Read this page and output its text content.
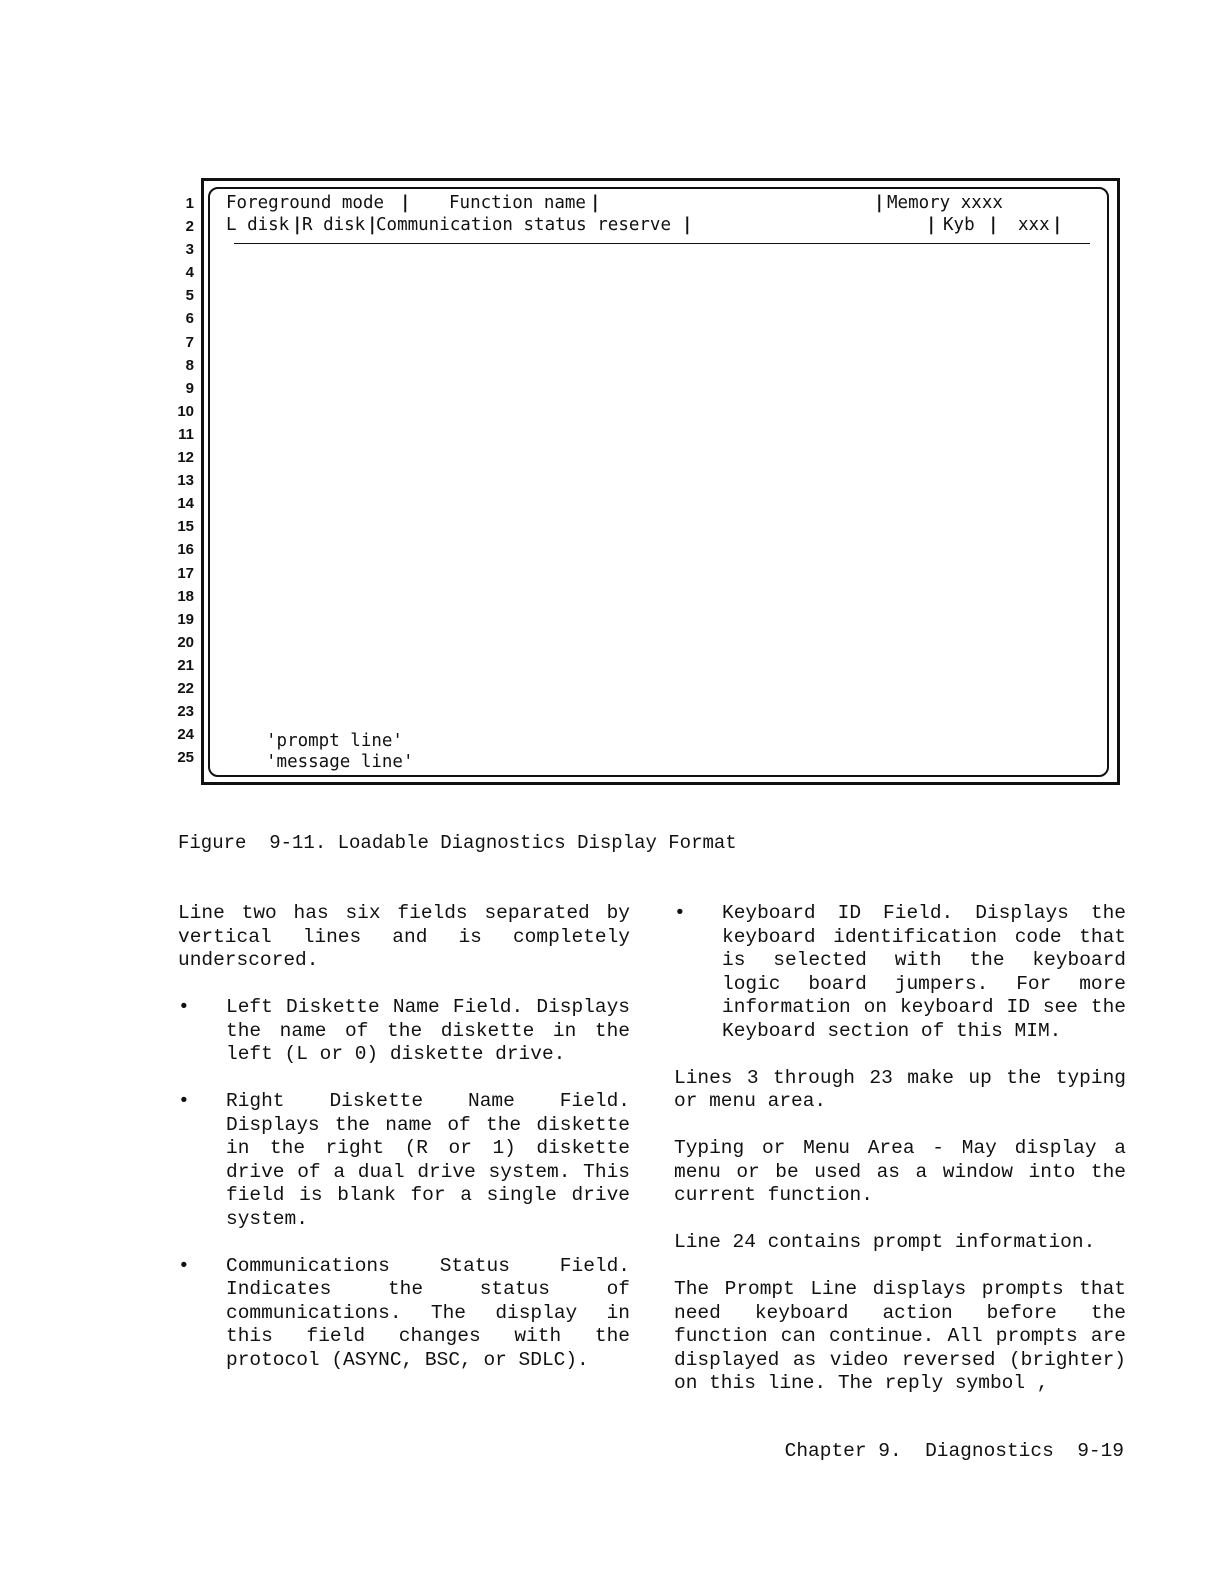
1
2
3
4
5
6
7
8
9
10
11
12
13
14
15
16
17
18
19
20
21
22
23
24
25
Foreground mode | Function name |	| Memory xxxx
L disk | R disk |
Communication status reserve |	| Kyb | xxx |
'prompt line'
'message line'
Figure  9-11. Loadable Diagnostics Display Format

Line two has six fields separated by vertical lines and is completely underscored.

• Left Diskette Name Field. Displays the name of the diskette in the left (L or 0) diskette drive.
• Right Diskette Name Field. Displays the name of the diskette in the right (R or 1) diskette drive of a dual drive system. This field is blank for a single drive system.
• Communications Status Field. Indicates the status of communications. The display in this field changes with the protocol (ASYNC, BSC, or SDLC).
• Keyboard ID Field. Displays the keyboard identification code that is selected with the keyboard logic board jumpers. For more information on keyboard ID see the Keyboard section of this MIM.

Lines 3 through 23 make up the typing or menu area.

Typing or Menu Area - May display a menu or be used as a window into the current function.

Line 24 contains prompt information.

The Prompt Line displays prompts that need keyboard action before the function can continue. All prompts are displayed as video reversed (brighter) on this line. The reply symbol ,

Chapter 9.  Diagnostics  9-19
